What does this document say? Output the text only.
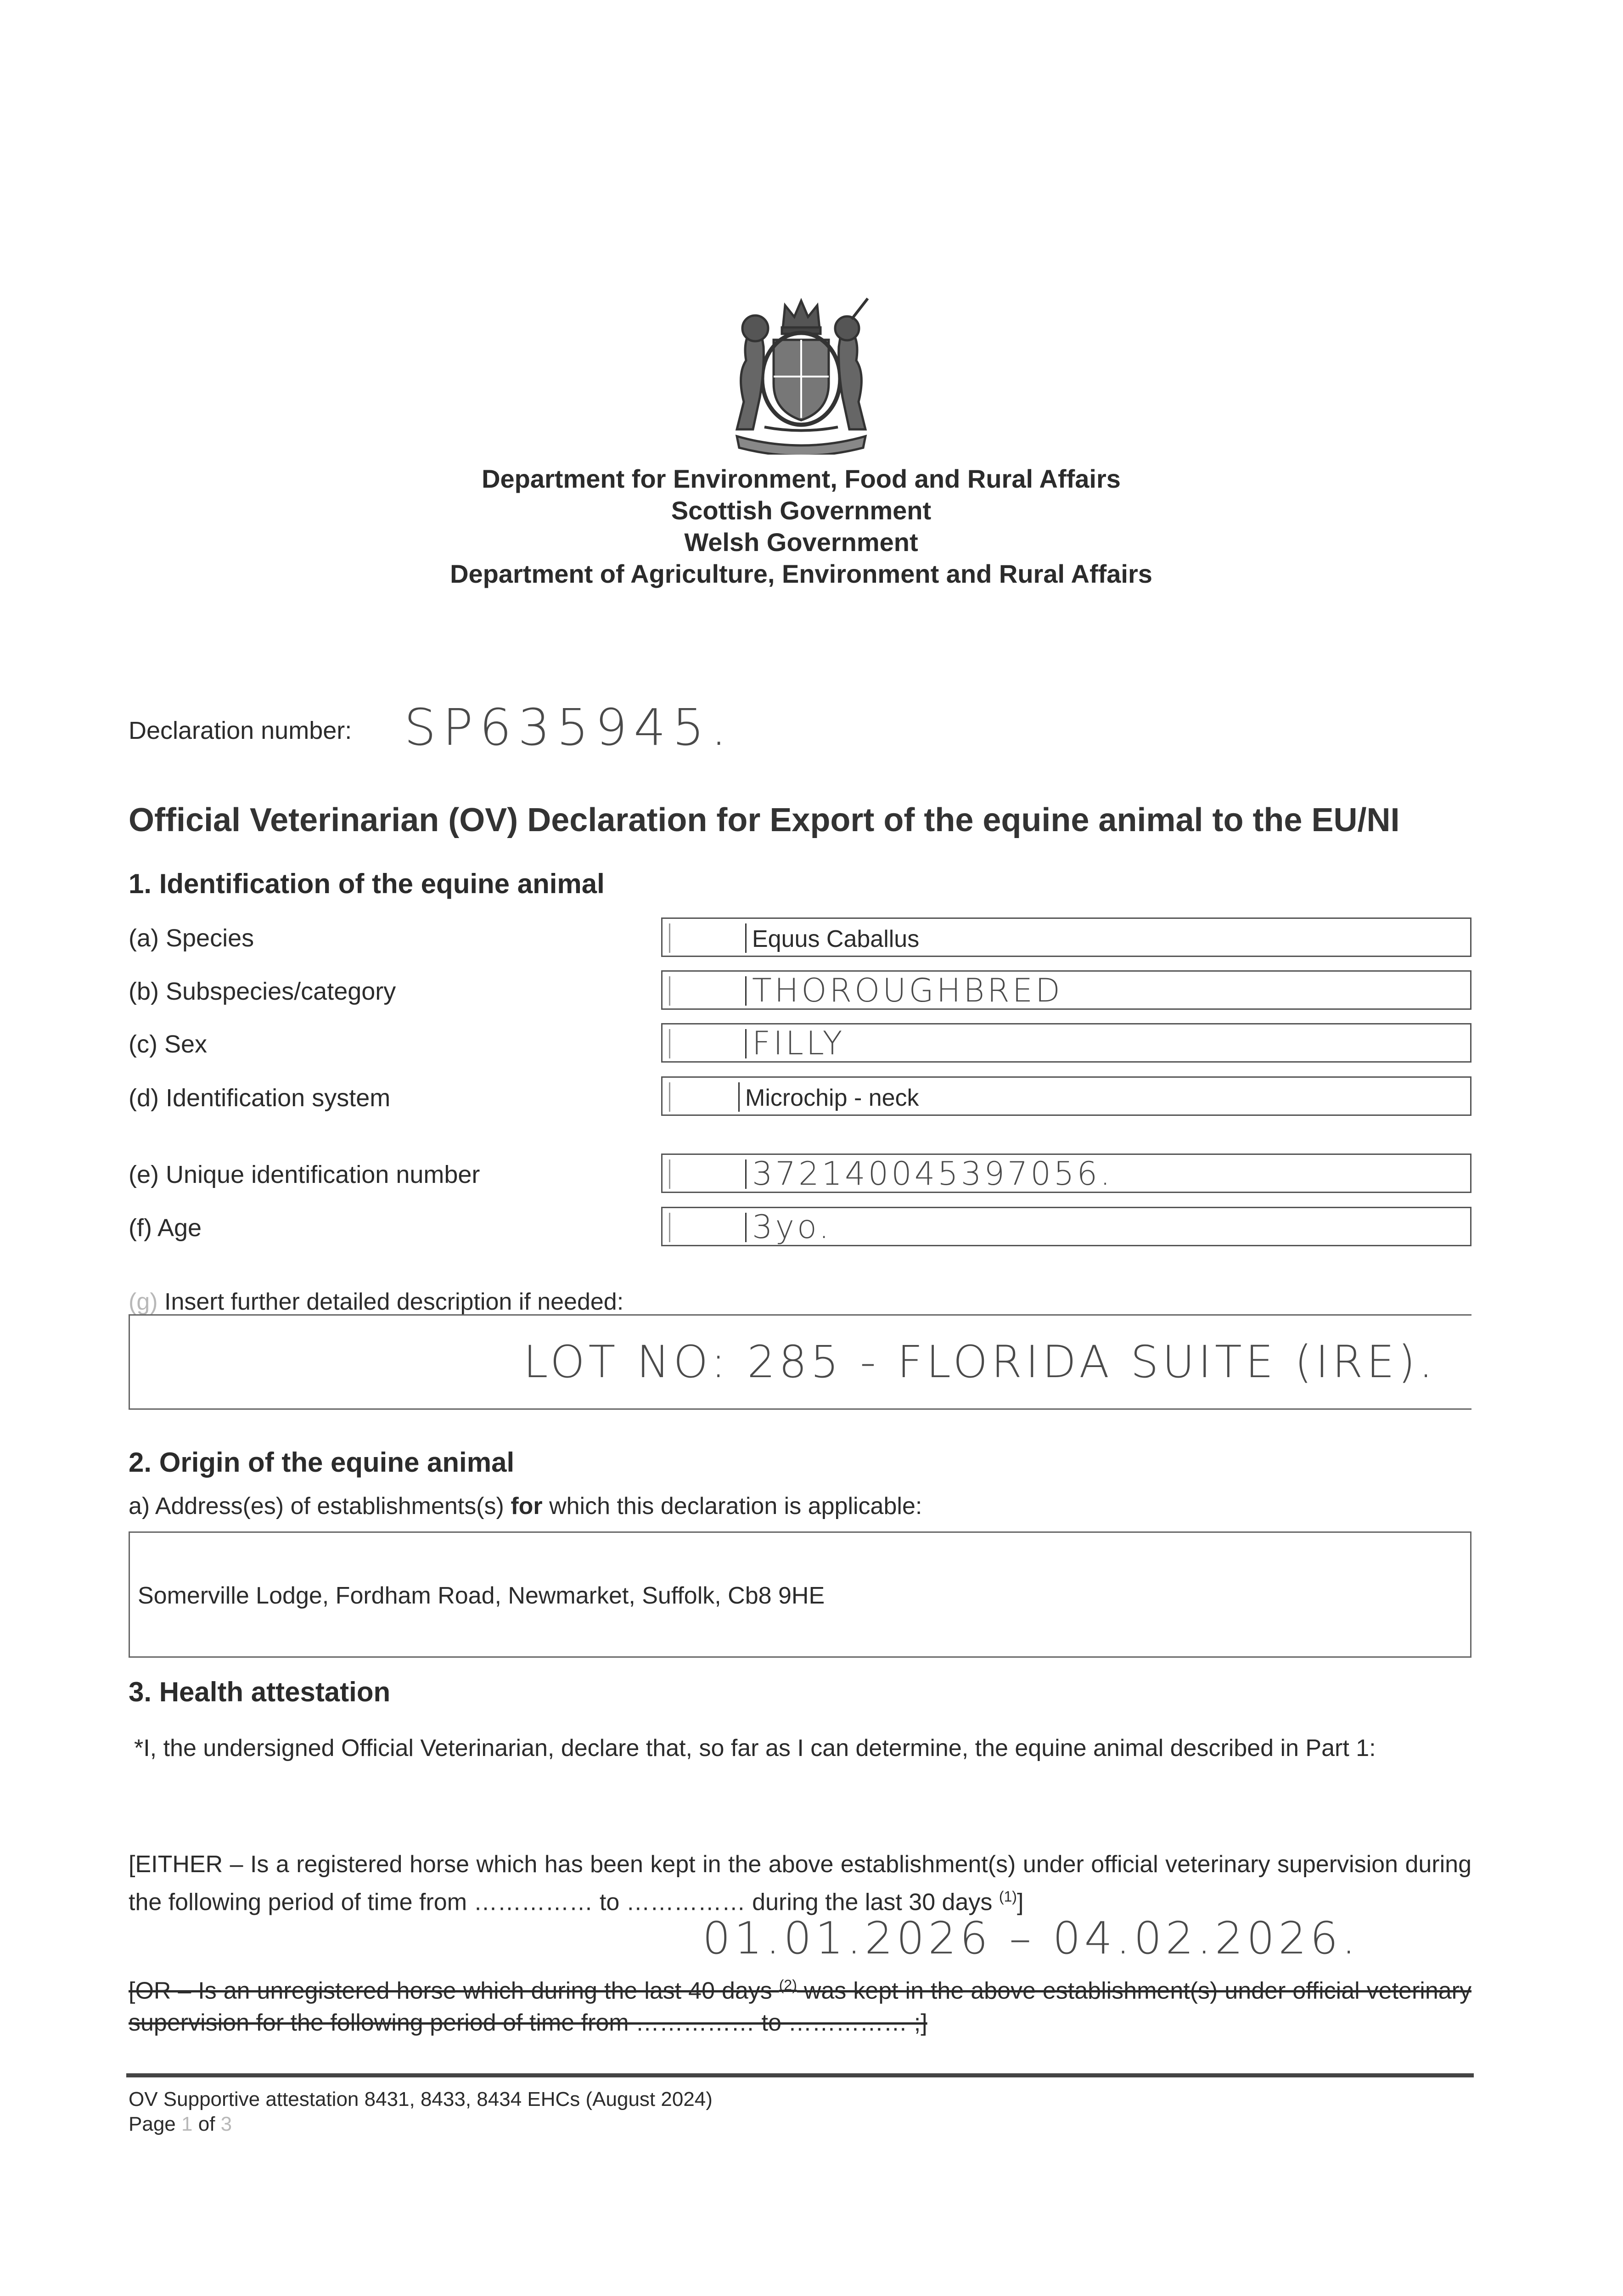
Department for Environment, Food and Rural Affairs
Scottish Government
Welsh Government
Department of Agriculture, Environment and Rural Affairs
Declaration number: SP635945.
Official Veterinarian (OV) Declaration for Export of the equine animal to the EU/NI
1. Identification of the equine animal
(a) Species	Equus Caballus
(b) Subspecies/category	THOROUGHBRED
(c) Sex	FILLY
(d) Identification system	Microchip - neck
(e) Unique identification number	372140045397056.
(f) Age	3yo.
(g) Insert further detailed description if needed:
LOT NO: 285 - FLORIDA SUITE (IRE).
2. Origin of the equine animal
a) Address(es) of establishments(s) for which this declaration is applicable:
Somerville Lodge, Fordham Road, Newmarket, Suffolk, Cb8 9HE
3. Health attestation
*I, the undersigned Official Veterinarian, declare that, so far as I can determine, the equine animal described in Part 1:
[EITHER – Is a registered horse which has been kept in the above establishment(s) under official veterinary supervision during the following period of time from …………… to …………… during the last 30 days $^{(1)}$]
01.01.2026 – 04.02.2026.
[OR – Is an unregistered horse which during the last 40 days $^{(2)}$ was kept in the above establishment(s) under official veterinary supervision for the following period of time from …………… to …………… ;]
OV Supportive attestation 8431, 8433, 8434 EHCs (August 2024)
Page 1 of 3
